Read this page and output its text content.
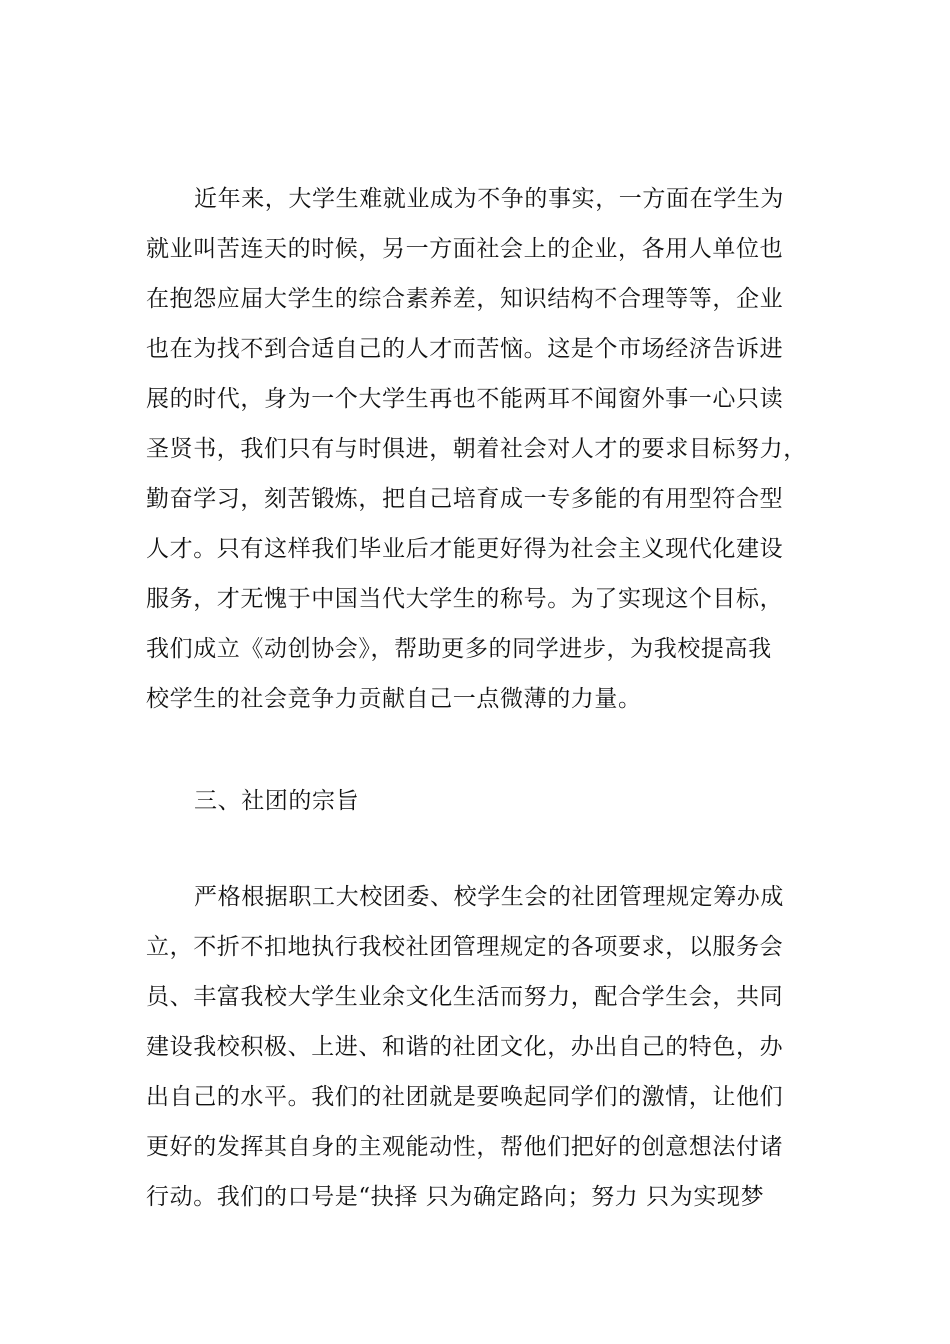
近年来，大学生难就业成为不争的事实，一方面在学生为
就业叫苦连天的时候，另一方面社会上的企业，各用人单位也
在抱怨应届大学生的综合素养差，知识结构不合理等等，企业
也在为找不到合适自己的人才而苦恼。这是个市场经济告诉进
展的时代，身为一个大学生再也不能两耳不闻窗外事一心只读
圣贤书，我们只有与时俱进，朝着社会对人才的要求目标努力，
勤奋学习，刻苦锻炼，把自己培育成一专多能的有用型符合型
人才。只有这样我们毕业后才能更好得为社会主义现代化建设
服务，才无愧于中国当代大学生的称号。为了实现这个目标，
我们成立《动创协会》，帮助更多的同学进步，为我校提高我
校学生的社会竞争力贡献自己一点微薄的力量。
三、社团的宗旨
严格根据职工大校团委、校学生会的社团管理规定筹办成
立，不折不扣地执行我校社团管理规定的各项要求，以服务会
员、丰富我校大学生业余文化生活而努力，配合学生会，共同
建设我校积极、上进、和谐的社团文化，办出自己的特色，办
出自己的水平。我们的社团就是要唤起同学们的激情，让他们
更好的发挥其自身的主观能动性，帮他们把好的创意想法付诸
行动。我们的口号是“抉择 只为确定路向；努力 只为实现梦
